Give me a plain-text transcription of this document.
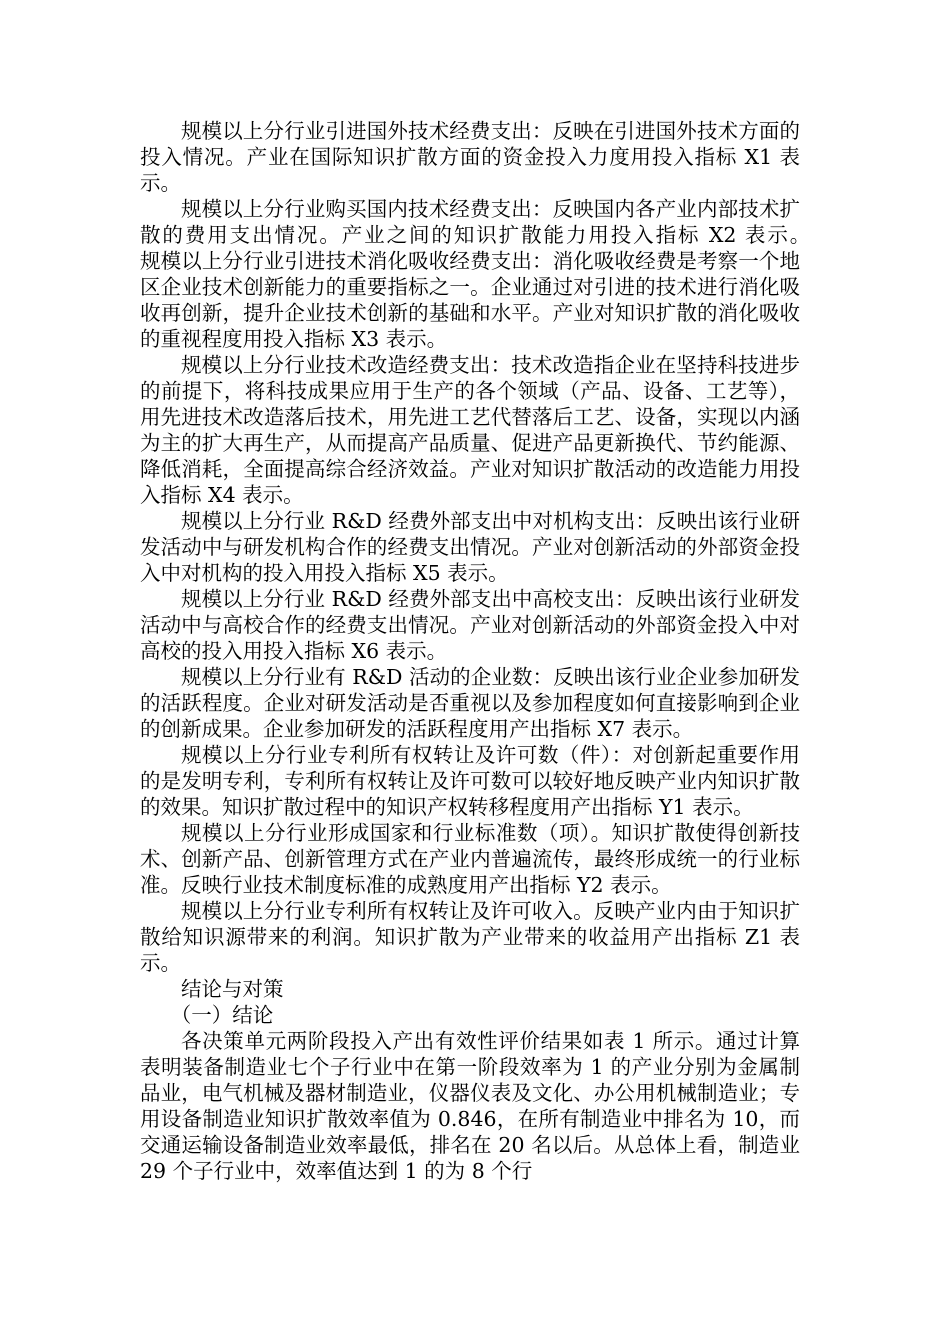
规模以上分行业引进国外技术经费支出：反映在引进国外技术方面的投入情况。产业在国际知识扩散方面的资金投入力度用投入指标 X1 表示。

规模以上分行业购买国内技术经费支出：反映国内各产业内部技术扩散的费用支出情况。产业之间的知识扩散能力用投入指标 X2 表示。　　　规模以上分行业引进技术消化吸收经费支出：消化吸收经费是考察一个地区企业技术创新能力的重要指标之一。企业通过对引进的技术进行消化吸收再创新，提升企业技术创新的基础和水平。产业对知识扩散的消化吸收的重视程度用投入指标 X3 表示。

规模以上分行业技术改造经费支出：技术改造指企业在坚持科技进步的前提下，将科技成果应用于生产的各个领域（产品、设备、工艺等），用先进技术改造落后技术，用先进工艺代替落后工艺、设备，实现以内涵为主的扩大再生产，从而提高产品质量、促进产品更新换代、节约能源、降低消耗，全面提高综合经济效益。产业对知识扩散活动的改造能力用投入指标 X4 表示。

规模以上分行业 R&D 经费外部支出中对机构支出：反映出该行业研发活动中与研发机构合作的经费支出情况。产业对创新活动的外部资金投入中对机构的投入用投入指标 X5 表示。

规模以上分行业 R&D 经费外部支出中高校支出：反映出该行业研发活动中与高校合作的经费支出情况。产业对创新活动的外部资金投入中对高校的投入用投入指标 X6 表示。

规模以上分行业有 R&D 活动的企业数：反映出该行业企业参加研发的活跃程度。企业对研发活动是否重视以及参加程度如何直接影响到企业的创新成果。企业参加研发的活跃程度用产出指标 X7 表示。

规模以上分行业专利所有权转让及许可数（件）：对创新起重要作用的是发明专利，专利所有权转让及许可数可以较好地反映产业内知识扩散的效果。知识扩散过程中的知识产权转移程度用产出指标 Y1 表示。

规模以上分行业形成国家和行业标准数（项）。知识扩散使得创新技术、创新产品、创新管理方式在产业内普遍流传，最终形成统一的行业标准。反映行业技术制度标准的成熟度用产出指标 Y2 表示。

规模以上分行业专利所有权转让及许可收入。反映产业内由于知识扩散给知识源带来的利润。知识扩散为产业带来的收益用产出指标 Z1 表示。

结论与对策

（一）结论

各决策单元两阶段投入产出有效性评价结果如表 1 所示。通过计算表明装备制造业七个子行业中在第一阶段效率为 1 的产业分别为金属制品业，电气机械及器材制造业，仪器仪表及文化、办公用机械制造业；专用设备制造业知识扩散效率值为 0.846，在所有制造业中排名为 10，而交通运输设备制造业效率最低，排名在 20 名以后。从总体上看，制造业 29 个子行业中，效率值达到 1 的为 8 个行
